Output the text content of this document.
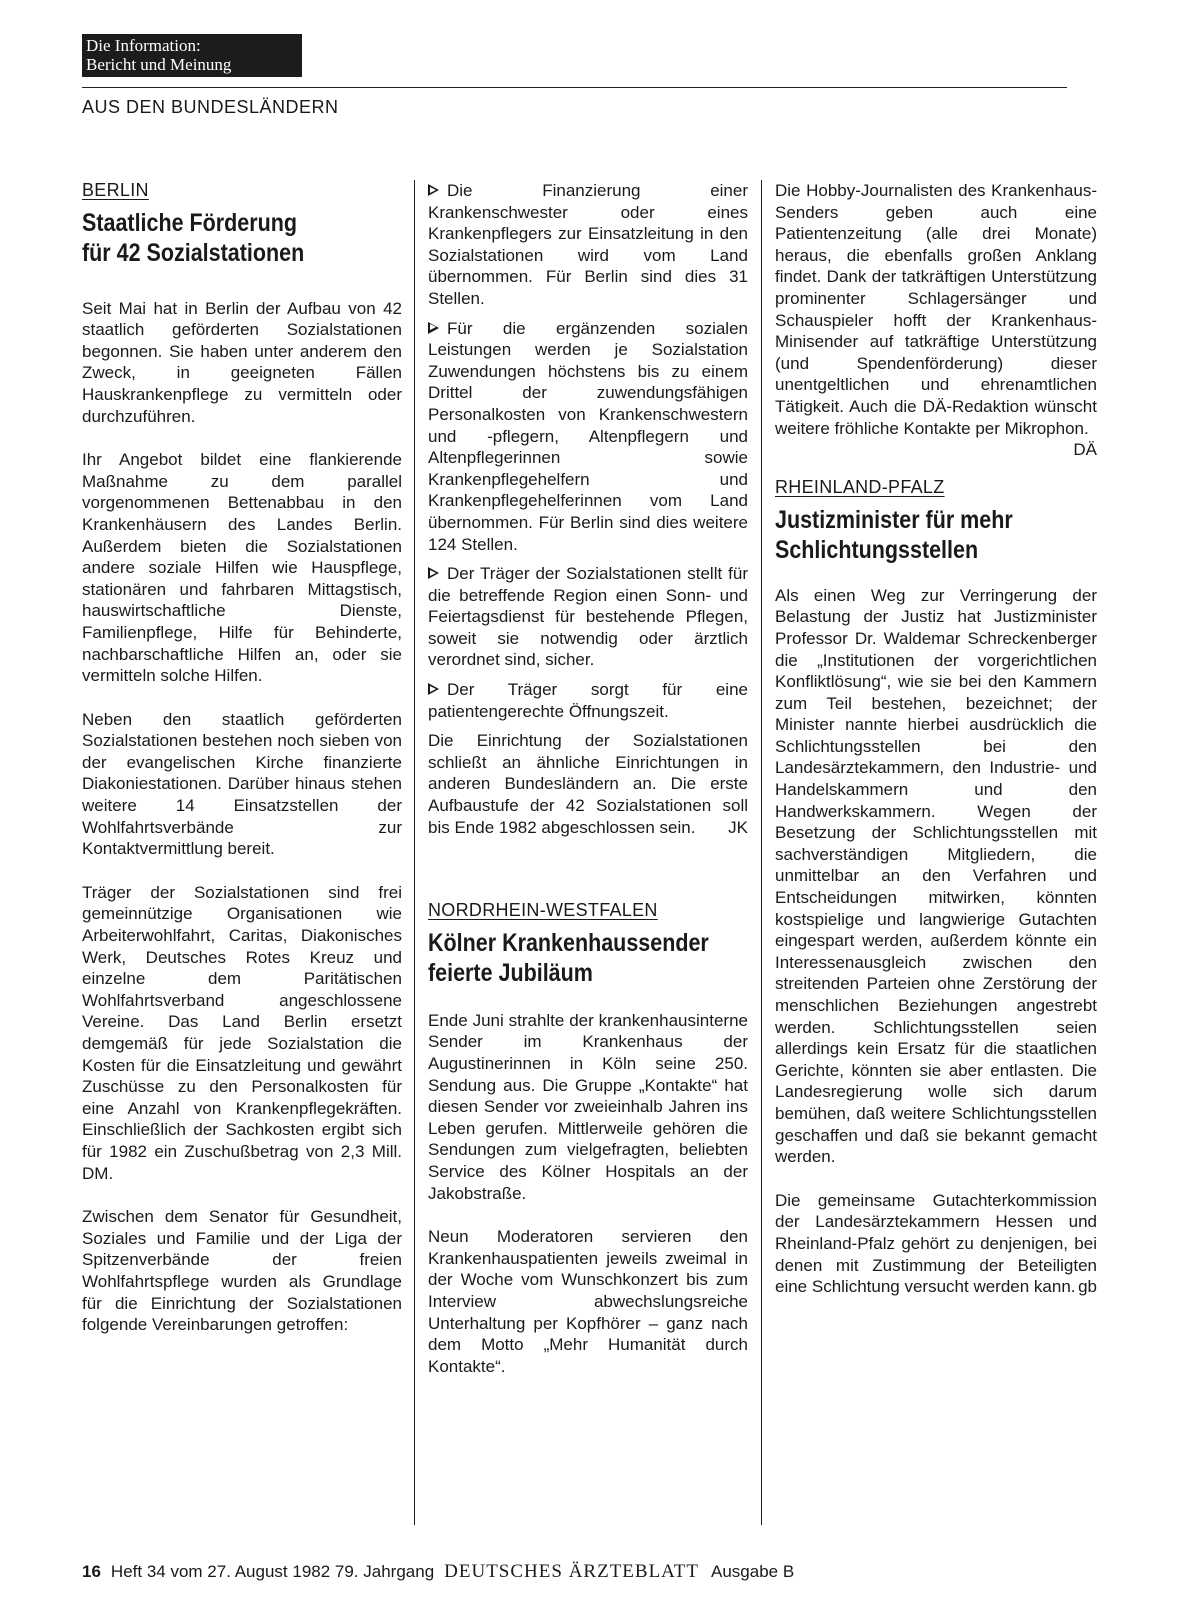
Die Information:
Bericht und Meinung
AUS DEN BUNDESLÄNDERN
BERLIN
Staatliche Förderung
für 42 Sozialstationen

Seit Mai hat in Berlin der Aufbau von 42 staatlich geförderten Sozialstationen begonnen. Sie haben unter anderem den Zweck, in geeigneten Fällen Hauskrankenpflege zu vermitteln oder durchzuführen.

Ihr Angebot bildet eine flankierende Maßnahme zu dem parallel vorgenommenen Bettenabbau in den Krankenhäusern des Landes Berlin. Außerdem bieten die Sozialstationen andere soziale Hilfen wie Hauspflege, stationären und fahrbaren Mittagstisch, hauswirtschaftliche Dienste, Familienpflege, Hilfe für Behinderte, nachbarschaftliche Hilfen an, oder sie vermitteln solche Hilfen.

Neben den staatlich geförderten Sozialstationen bestehen noch sieben von der evangelischen Kirche finanzierte Diakoniestationen. Darüber hinaus stehen weitere 14 Einsatzstellen der Wohlfahrtsverbände zur Kontaktvermittlung bereit.

Träger der Sozialstationen sind frei gemeinnützige Organisationen wie Arbeiterwohlfahrt, Caritas, Diakonisches Werk, Deutsches Rotes Kreuz und einzelne dem Paritätischen Wohlfahrtsverband angeschlossene Vereine. Das Land Berlin ersetzt demgemäß für jede Sozialstation die Kosten für die Einsatzleitung und gewährt Zuschüsse zu den Personalkosten für eine Anzahl von Krankenpflegekräften. Einschließlich der Sachkosten ergibt sich für 1982 ein Zuschußbetrag von 2,3 Mill. DM.

Zwischen dem Senator für Gesundheit, Soziales und Familie und der Liga der Spitzenverbände der freien Wohlfahrtspflege wurden als Grundlage für die Einrichtung der Sozialstationen folgende Vereinbarungen getroffen:

Die Finanzierung einer Krankenschwester oder eines Krankenpflegers zur Einsatzleitung in den Sozialstationen wird vom Land übernommen. Für Berlin sind dies 31 Stellen.

Für die ergänzenden sozialen Leistungen werden je Sozialstation Zuwendungen höchstens bis zu einem Drittel der zuwendungsfähigen Personalkosten von Krankenschwestern und -pflegern, Altenpflegern und Altenpflegerinnen sowie Krankenpflegehelfern und Krankenpflegehelferinnen vom Land übernommen. Für Berlin sind dies weitere 124 Stellen.

Der Träger der Sozialstationen stellt für die betreffende Region einen Sonn- und Feiertagsdienst für bestehende Pflegen, soweit sie notwendig oder ärztlich verordnet sind, sicher.

Der Träger sorgt für eine patientengerechte Öffnungszeit.

Die Einrichtung der Sozialstationen schließt an ähnliche Einrichtungen in anderen Bundesländern an. Die erste Aufbaustufe der 42 Sozialstationen soll bis Ende 1982 abgeschlossen sein. JK

NORDRHEIN-WESTFALEN
Kölner Krankenhaussender
feierte Jubiläum

Ende Juni strahlte der krankenhausinterne Sender im Krankenhaus der Augustinerinnen in Köln seine 250. Sendung aus. Die Gruppe „Kontakte“ hat diesen Sender vor zweieinhalb Jahren ins Leben gerufen. Mittlerweile gehören die Sendungen zum vielgefragten, beliebten Service des Kölner Hospitals an der Jakobstraße.

Neun Moderatoren servieren den Krankenhauspatienten jeweils zweimal in der Woche vom Wunschkonzert bis zum Interview abwechslungsreiche Unterhaltung per Kopfhörer – ganz nach dem Motto „Mehr Humanität durch Kontakte“.

Die Hobby-Journalisten des Krankenhaus-Senders geben auch eine Patientenzeitung (alle drei Monate) heraus, die ebenfalls großen Anklang findet. Dank der tatkräftigen Unterstützung prominenter Schlagersänger und Schauspieler hofft der Krankenhaus-Minisender auf tatkräftige Unterstützung (und Spendenförderung) dieser unentgeltlichen und ehrenamtlichen Tätigkeit. Auch die DÄ-Redaktion wünscht weitere fröhliche Kontakte per Mikrophon.
DÄ

RHEINLAND-PFALZ
Justizminister für mehr
Schlichtungsstellen

Als einen Weg zur Verringerung der Belastung der Justiz hat Justizminister Professor Dr. Waldemar Schreckenberger die „Institutionen der vorgerichtlichen Konfliktlösung“, wie sie bei den Kammern zum Teil bestehen, bezeichnet; der Minister nannte hierbei ausdrücklich die Schlichtungsstellen bei den Landesärztekammern, den Industrie- und Handelskammern und den Handwerkskammern. Wegen der Besetzung der Schlichtungsstellen mit sachverständigen Mitgliedern, die unmittelbar an den Verfahren und Entscheidungen mitwirken, könnten kostspielige und langwierige Gutachten eingespart werden, außerdem könnte ein Interessenausgleich zwischen den streitenden Parteien ohne Zerstörung der menschlichen Beziehungen angestrebt werden. Schlichtungsstellen seien allerdings kein Ersatz für die staatlichen Gerichte, könnten sie aber entlasten. Die Landesregierung wolle sich darum bemühen, daß weitere Schlichtungsstellen geschaffen und daß sie bekannt gemacht werden.

Die gemeinsame Gutachterkommission der Landesärztekammern Hessen und Rheinland-Pfalz gehört zu denjenigen, bei denen mit Zustimmung der Beteiligten eine Schlichtung versucht werden kann. gb

16 Heft 34 vom 27. August 1982 79. Jahrgang DEUTSCHES ÄRZTEBLATT Ausgabe B
